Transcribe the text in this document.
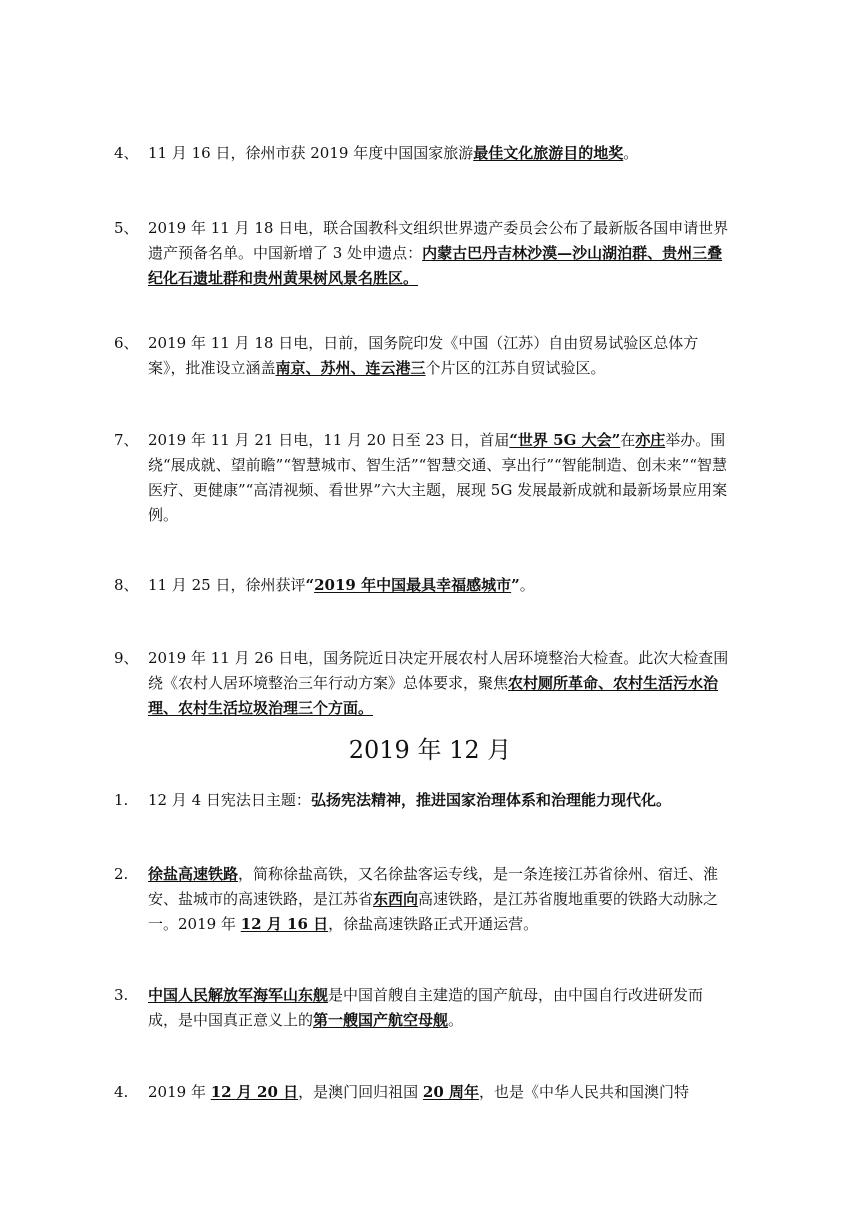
4、 11 月 16 日，徐州市获 2019 年度中国国家旅游最佳文化旅游目的地奖。
5、 2019 年 11 月 18 日电，联合国教科文组织世界遗产委员会公布了最新版各国申请世界遗产预备名单。中国新增了 3 处申遗点：内蒙古巴丹吉林沙漠—沙山湖泊群、贵州三叠纪化石遗址群和贵州黄果树风景名胜区。
6、 2019 年 11 月 18 日电，日前，国务院印发《中国（江苏）自由贸易试验区总体方案》，批准设立涵盖南京、苏州、连云港三个片区的江苏自贸试验区。
7、 2019 年 11 月 21 日电，11 月 20 日至 23 日，首届“世界 5G 大会”在亦庄举办。围绕“展成就、望前瞻”“智慧城市、智生活”“智慧交通、享出行”“智能制造、创未来”“智慧医疗、更健康”“高清视频、看世界”六大主题，展现 5G 发展最新成就和最新场景应用案例。
8、 11 月 25 日，徐州获评“2019 年中国最具幸福感城市”。
9、 2019 年 11 月 26 日电，国务院近日决定开展农村人居环境整治大检查。此次大检查围绕《农村人居环境整治三年行动方案》总体要求，聚焦农村厕所革命、农村生活污水治理、农村生活垃圾治理三个方面。
2019 年 12 月
1. 12 月 4 日宪法日主题：弘扬宪法精神，推进国家治理体系和治理能力现代化。
2. 徐盐高速铁路，简称徐盐高铁，又名徐盐客运专线，是一条连接江苏省徐州、宿迁、淮安、盐城市的高速铁路，是江苏省东西向高速铁路，是江苏省腹地重要的铁路大动脉之一。2019 年 12 月 16 日，徐盐高速铁路正式开通运营。
3. 中国人民解放军海军山东舰是中国首艘自主建造的国产航母，由中国自行改进研发而成，是中国真正意义上的第一艘国产航空母舰。
4. 2019 年 12 月 20 日，是澳门回归祖国 20 周年，也是《中华人民共和国澳门特
